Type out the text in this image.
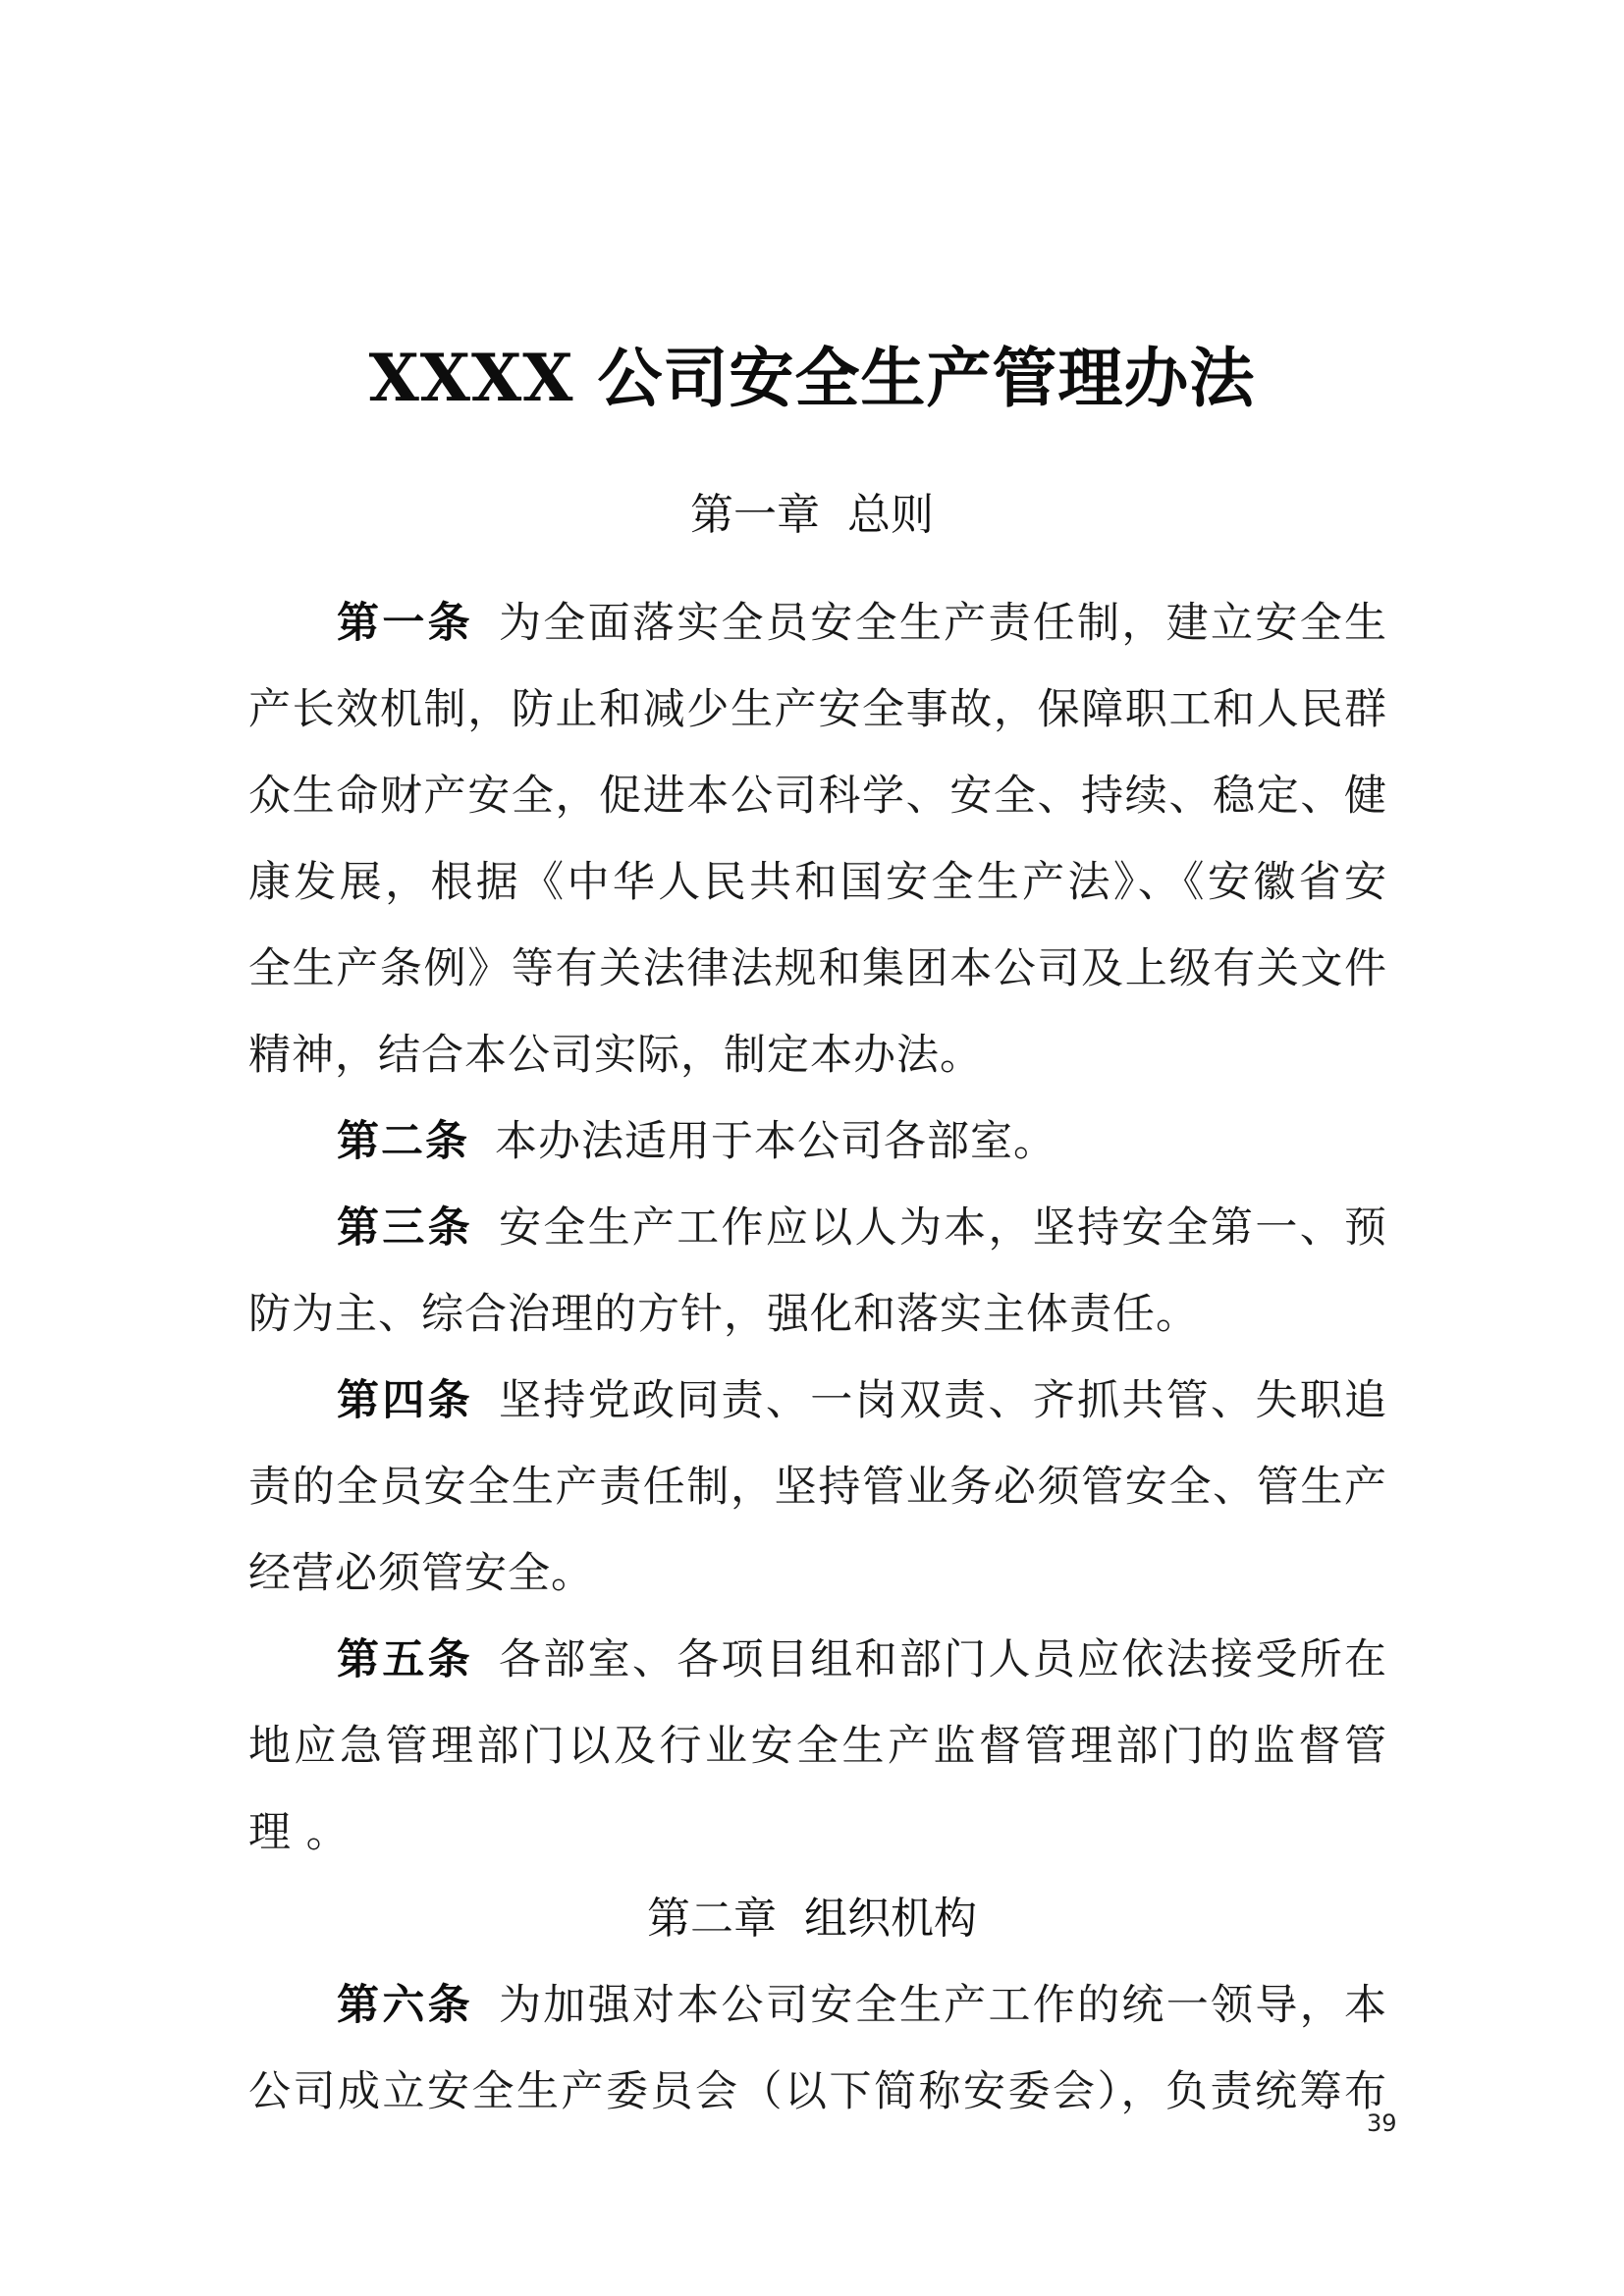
XXXX 公司安全生产管理办法
第一章  总则
第一条 为全面落实全员安全生产责任制，建立安全生
产长效机制，防止和减少生产安全事故，保障职工和人民群
众生命财产安全，促进本公司科学、安全、持续、稳定、健
康发展，根据《中华人民共和国安全生产法》、《安徽省安
全生产条例》等有关法律法规和集团本公司及上级有关文件
精神，结合本公司实际，制定本办法。
第二条 本办法适用于本公司各部室。
第三条 安全生产工作应以人为本，坚持安全第一、预
防为主、综合治理的方针，强化和落实主体责任。
第四条 坚持党政同责、一岗双责、齐抓共管、失职追
责的全员安全生产责任制，坚持管业务必须管安全、管生产
经营必须管安全。
第五条 各部室、各项目组和部门人员应依法接受所在
地应急管理部门以及行业安全生产监督管理部门的监督管
理 。
第二章  组织机构
第六条 为加强对本公司安全生产工作的统一领导，本
公司成立安全生产委员会（以下简称安委会），负责统筹布
39
